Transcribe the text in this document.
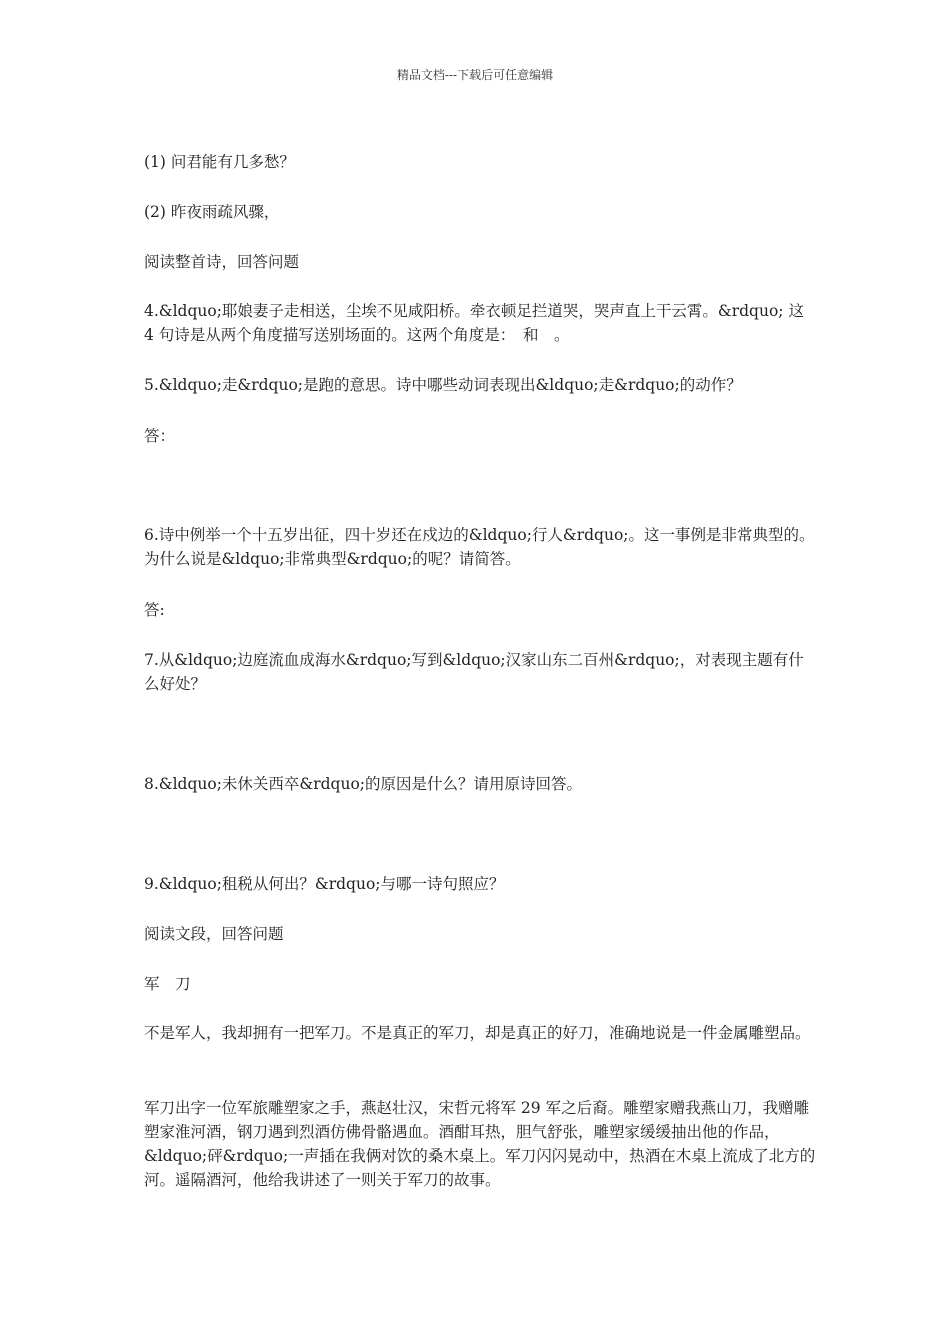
精品文档---下载后可任意编辑

(1) 问君能有几多愁？

(2) 昨夜雨疏风骤，

阅读整首诗，回答问题

4.&ldquo;耶娘妻子走相送，尘埃不见咸阳桥。牵衣顿足拦道哭，哭声直上干云霄。&rdquo; 这 4 句诗是从两个角度描写送别场面的。这两个角度是：　和　。

5.&ldquo;走&rdquo;是跑的意思。诗中哪些动词表现出&ldquo;走&rdquo;的动作？

答：

6.诗中例举一个十五岁出征，四十岁还在戍边的&ldquo;行人&rdquo;。这一事例是非常典型的。为什么说是&ldquo;非常典型&rdquo;的呢？请简答。

答:

7.从&ldquo;边庭流血成海水&rdquo;写到&ldquo;汉家山东二百州&rdquo;，对表现主题有什么好处？

8.&ldquo;未休关西卒&rdquo;的原因是什么？请用原诗回答。

9.&ldquo;租税从何出？&rdquo;与哪一诗句照应？

阅读文段，回答问题

军　刀

不是军人，我却拥有一把军刀。不是真正的军刀，却是真正的好刀，准确地说是一件金属雕塑品。

军刀出字一位军旅雕塑家之手，燕赵壮汉，宋哲元将军 29 军之后裔。雕塑家赠我燕山刀，我赠雕塑家淮河酒，钢刀遇到烈酒仿佛骨骼遇血。酒酣耳热，胆气舒张，雕塑家缓缓抽出他的作品，&ldquo;砰&rdquo;一声插在我俩对饮的桑木桌上。军刀闪闪晃动中，热酒在木桌上流成了北方的河。遥隔酒河，他给我讲述了一则关于军刀的故事。
